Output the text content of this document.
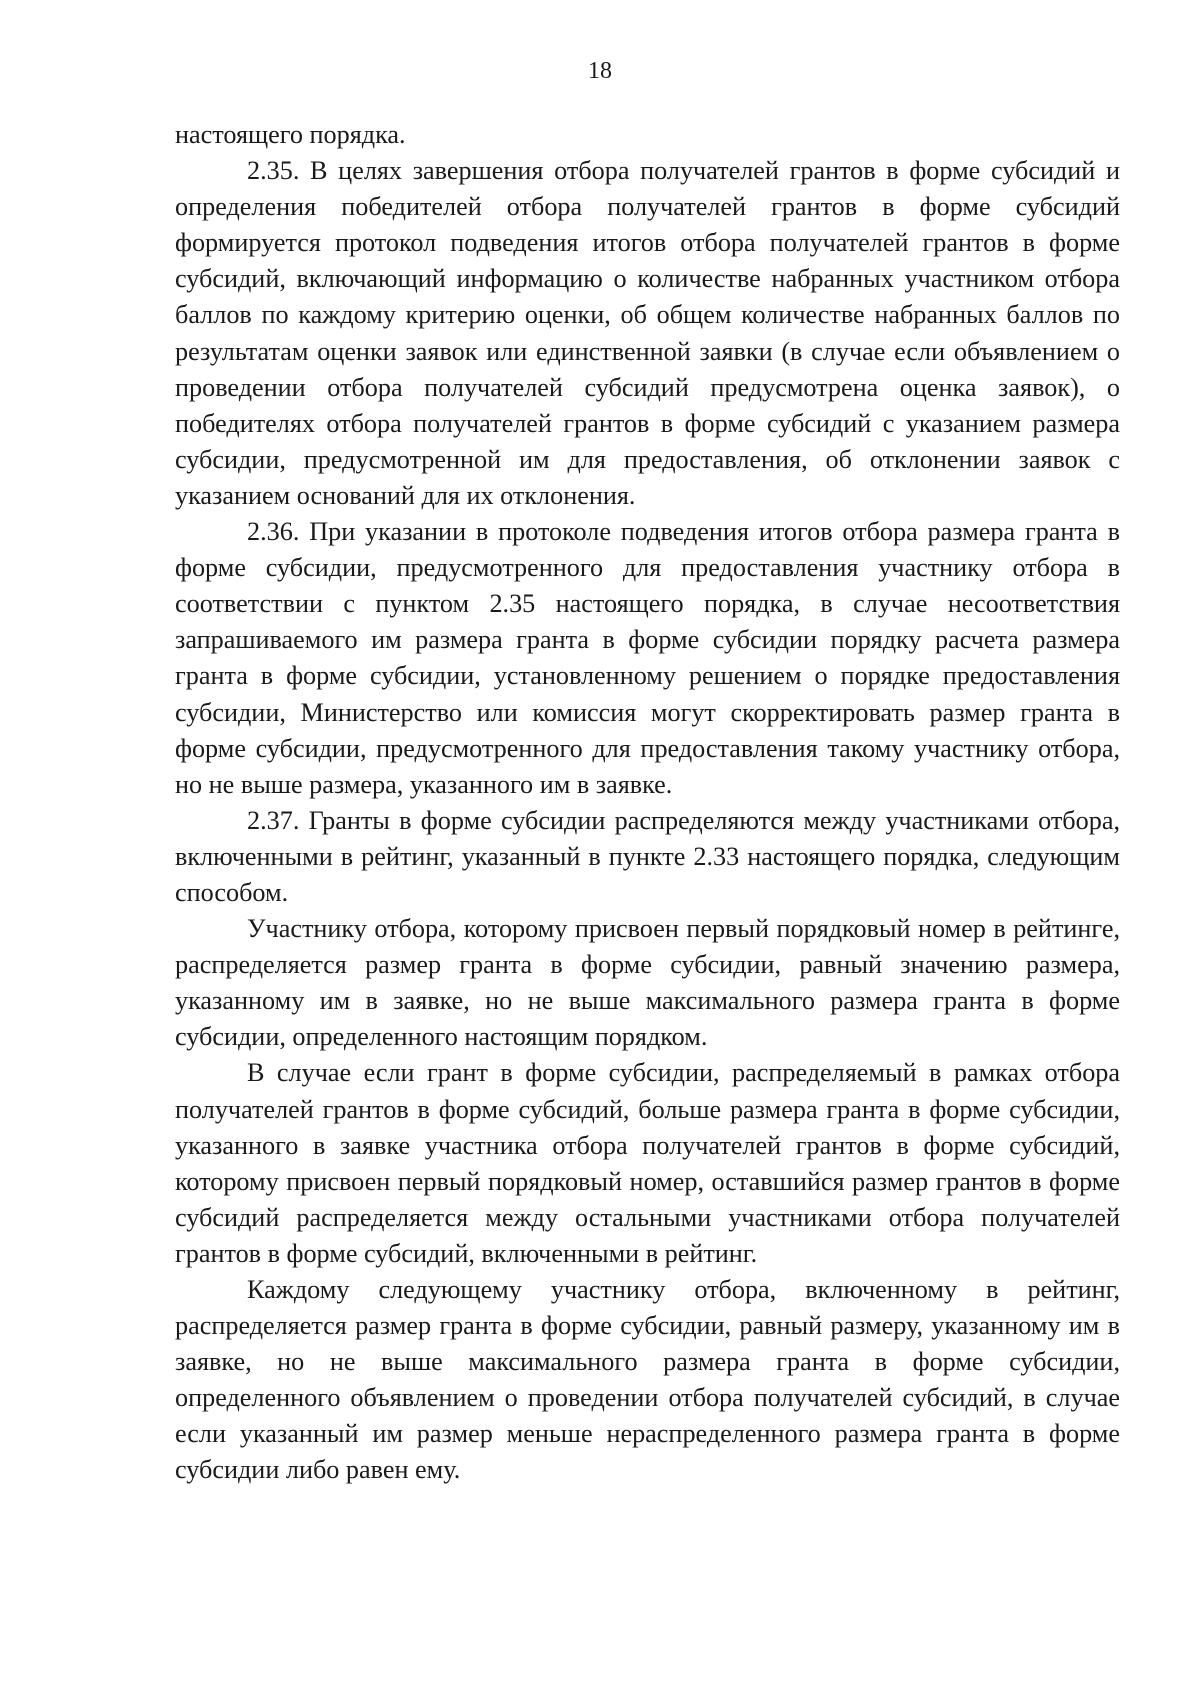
18

настоящего порядка.

2.35. В целях завершения отбора получателей грантов в форме субсидий и определения победителей отбора получателей грантов в форме субсидий формируется протокол подведения итогов отбора получателей грантов в форме субсидий, включающий информацию о количестве набранных участником отбора баллов по каждому критерию оценки, об общем количестве набранных баллов по результатам оценки заявок или единственной заявки (в случае если объявлением о проведении отбора получателей субсидий предусмотрена оценка заявок), о победителях отбора получателей грантов в форме субсидий с указанием размера субсидии, предусмотренной им для предоставления, об отклонении заявок с указанием оснований для их отклонения.

2.36. При указании в протоколе подведения итогов отбора размера гранта в форме субсидии, предусмотренного для предоставления участнику отбора в соответствии с пунктом 2.35 настоящего порядка, в случае несоответствия запрашиваемого им размера гранта в форме субсидии порядку расчета размера гранта в форме субсидии, установленному решением о порядке предоставления субсидии, Министерство или комиссия могут скорректировать размер гранта в форме субсидии, предусмотренного для предоставления такому участнику отбора, но не выше размера, указанного им в заявке.

2.37. Гранты в форме субсидии распределяются между участниками отбора, включенными в рейтинг, указанный в пункте 2.33 настоящего порядка, следующим способом.

Участнику отбора, которому присвоен первый порядковый номер в рейтинге, распределяется размер гранта в форме субсидии, равный значению размера, указанному им в заявке, но не выше максимального размера гранта в форме субсидии, определенного настоящим порядком.

В случае если грант в форме субсидии, распределяемый в рамках отбора получателей грантов в форме субсидий, больше размера гранта в форме субсидии, указанного в заявке участника отбора получателей грантов в форме субсидий, которому присвоен первый порядковый номер, оставшийся размер грантов в форме субсидий распределяется между остальными участниками отбора получателей грантов в форме субсидий, включенными в рейтинг.

Каждому следующему участнику отбора, включенному в рейтинг, распределяется размер гранта в форме субсидии, равный размеру, указанному им в заявке, но не выше максимального размера гранта в форме субсидии, определенного объявлением о проведении отбора получателей субсидий, в случае если указанный им размер меньше нераспределенного размера гранта в форме субсидии либо равен ему.
